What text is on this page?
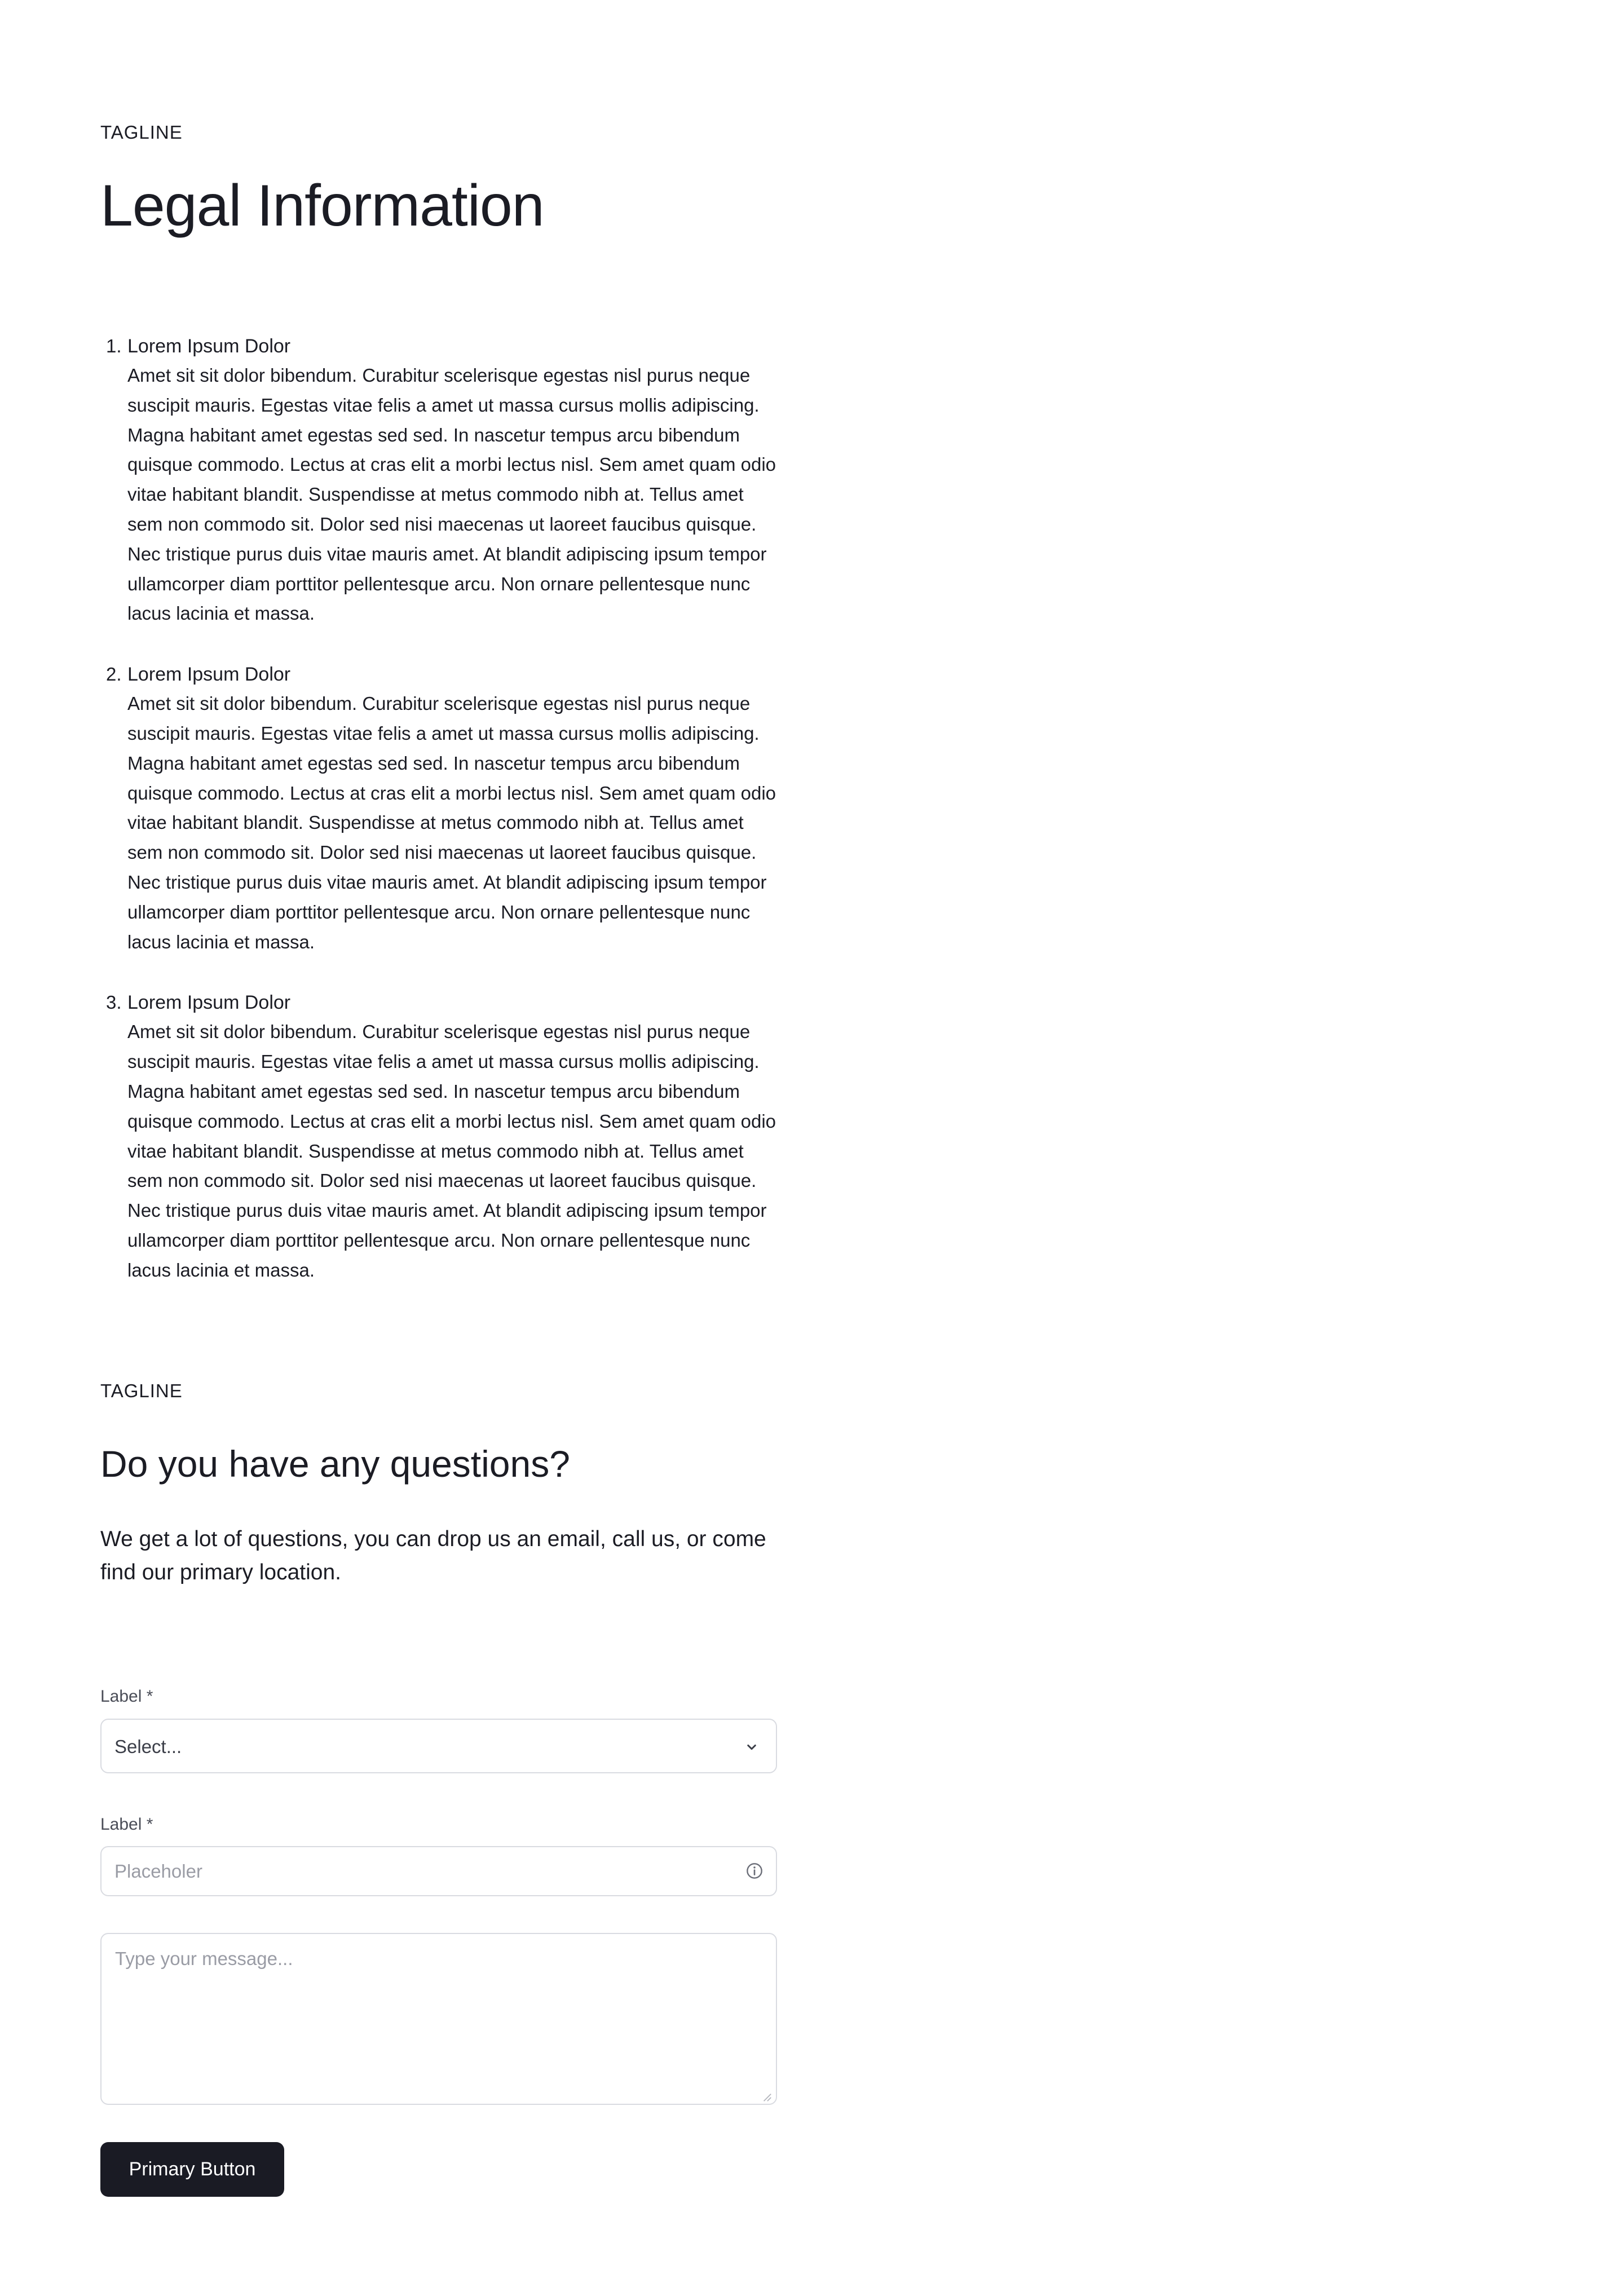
TAGLINE
Legal Information
1. Lorem Ipsum Dolor
Amet sit sit dolor bibendum. Curabitur scelerisque egestas nisl purus neque suscipit mauris. Egestas vitae felis a amet ut massa cursus mollis adipiscing. Magna habitant amet egestas sed sed. In nascetur tempus arcu bibendum quisque commodo. Lectus at cras elit a morbi lectus nisl. Sem amet quam odio vitae habitant blandit. Suspendisse at metus commodo nibh at. Tellus amet sem non commodo sit. Dolor sed nisi maecenas ut laoreet faucibus quisque. Nec tristique purus duis vitae mauris amet. At blandit adipiscing ipsum tempor ullamcorper diam porttitor pellentesque arcu. Non ornare pellentesque nunc lacus lacinia et massa.
2. Lorem Ipsum Dolor
Amet sit sit dolor bibendum. Curabitur scelerisque egestas nisl purus neque suscipit mauris. Egestas vitae felis a amet ut massa cursus mollis adipiscing. Magna habitant amet egestas sed sed. In nascetur tempus arcu bibendum quisque commodo. Lectus at cras elit a morbi lectus nisl. Sem amet quam odio vitae habitant blandit. Suspendisse at metus commodo nibh at. Tellus amet sem non commodo sit. Dolor sed nisi maecenas ut laoreet faucibus quisque. Nec tristique purus duis vitae mauris amet. At blandit adipiscing ipsum tempor ullamcorper diam porttitor pellentesque arcu. Non ornare pellentesque nunc lacus lacinia et massa.
3. Lorem Ipsum Dolor
Amet sit sit dolor bibendum. Curabitur scelerisque egestas nisl purus neque suscipit mauris. Egestas vitae felis a amet ut massa cursus mollis adipiscing. Magna habitant amet egestas sed sed. In nascetur tempus arcu bibendum quisque commodo. Lectus at cras elit a morbi lectus nisl. Sem amet quam odio vitae habitant blandit. Suspendisse at metus commodo nibh at. Tellus amet sem non commodo sit. Dolor sed nisi maecenas ut laoreet faucibus quisque. Nec tristique purus duis vitae mauris amet. At blandit adipiscing ipsum tempor ullamcorper diam porttitor pellentesque arcu. Non ornare pellentesque nunc lacus lacinia et massa.
TAGLINE
Do you have any questions?

We get a lot of questions, you can drop us an email, call us, or come find our primary location.

Label *
Select...
Label *
Placeholer
Type your message...
Primary Button
